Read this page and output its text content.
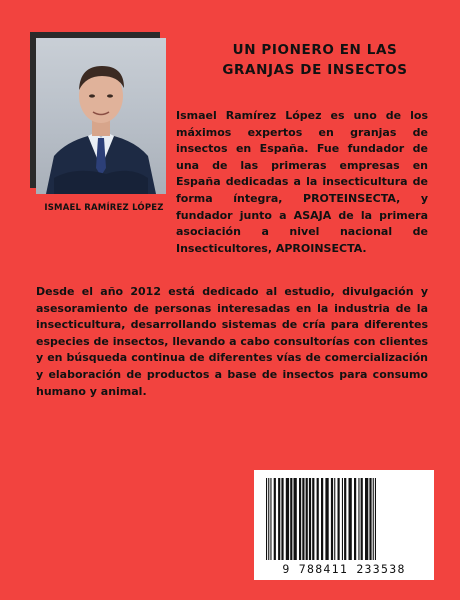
ISMAEL RAMÍREZ LÓPEZ
UN PIONERO EN LAS
GRANJAS DE INSECTOS

Ismael Ramírez López es uno de los máximos expertos en granjas de insectos en España. Fue fundador de una de las primeras empresas en España dedicadas a la insecticultura de forma íntegra, PROTEINSECTA, y fundador junto a ASAJA de la primera asociación a nivel nacional de Insecticultores, APROINSECTA.

Desde el año 2012 está dedicado al estudio, divulgación y asesoramiento de personas interesadas en la industria de la insecticultura, desarrollando sistemas de cría para diferentes especies de insectos, llevando a cabo consultorías con clientes y en búsqueda continua de diferentes vías de comercialización y elaboración de productos a base de insectos para consumo humano y animal.

9 788411 233538
